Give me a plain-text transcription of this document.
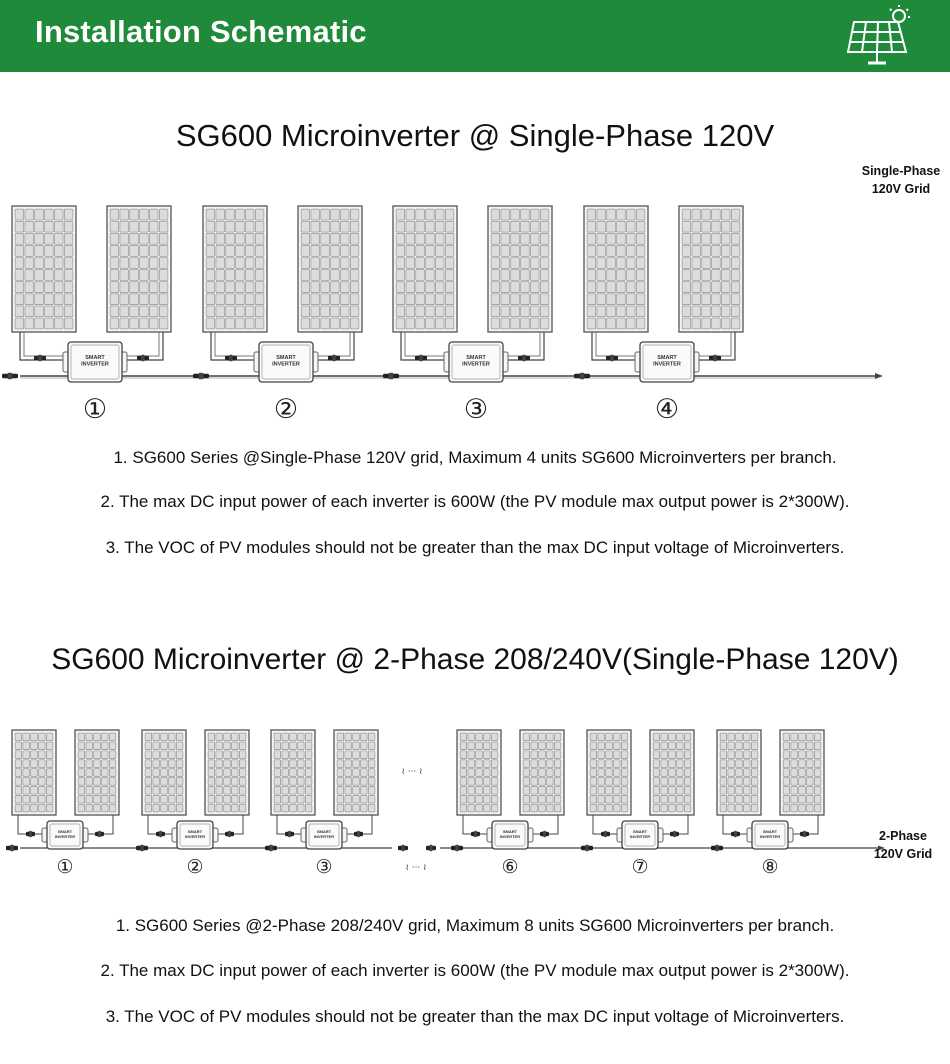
Installation Schematic
SG600 Microinverter @ Single-Phase 120V
SMART
INVERTER
①
SMART
INVERTER
②
SMART
INVERTER
③
SMART
INVERTER
④
Single-Phase
120V Grid
1. SG600 Series @Single-Phase 120V grid, Maximum 4 units SG600 Microinverters per branch.
2. The max DC input power of each inverter is 600W (the PV module max output power is 2*300W).
3. The VOC of PV modules should not be greater than the max DC input voltage of Microinverters.
SG600 Microinverter @ 2-Phase 208/240V(Single-Phase 120V)
SMART
INVERTER
①
SMART
INVERTER
②
SMART
INVERTER
③
SMART
INVERTER
⑥
SMART
INVERTER
⑦
SMART
INVERTER
⑧
≀ ··· ≀
≀ ··· ≀
2-Phase
120V Grid
1. SG600 Series @2-Phase 208/240V grid, Maximum 8 units SG600 Microinverters per branch.
2. The max DC input power of each inverter is 600W (the PV module max output power is 2*300W).
3. The VOC of PV modules should not be greater than the max DC input voltage of Microinverters.
